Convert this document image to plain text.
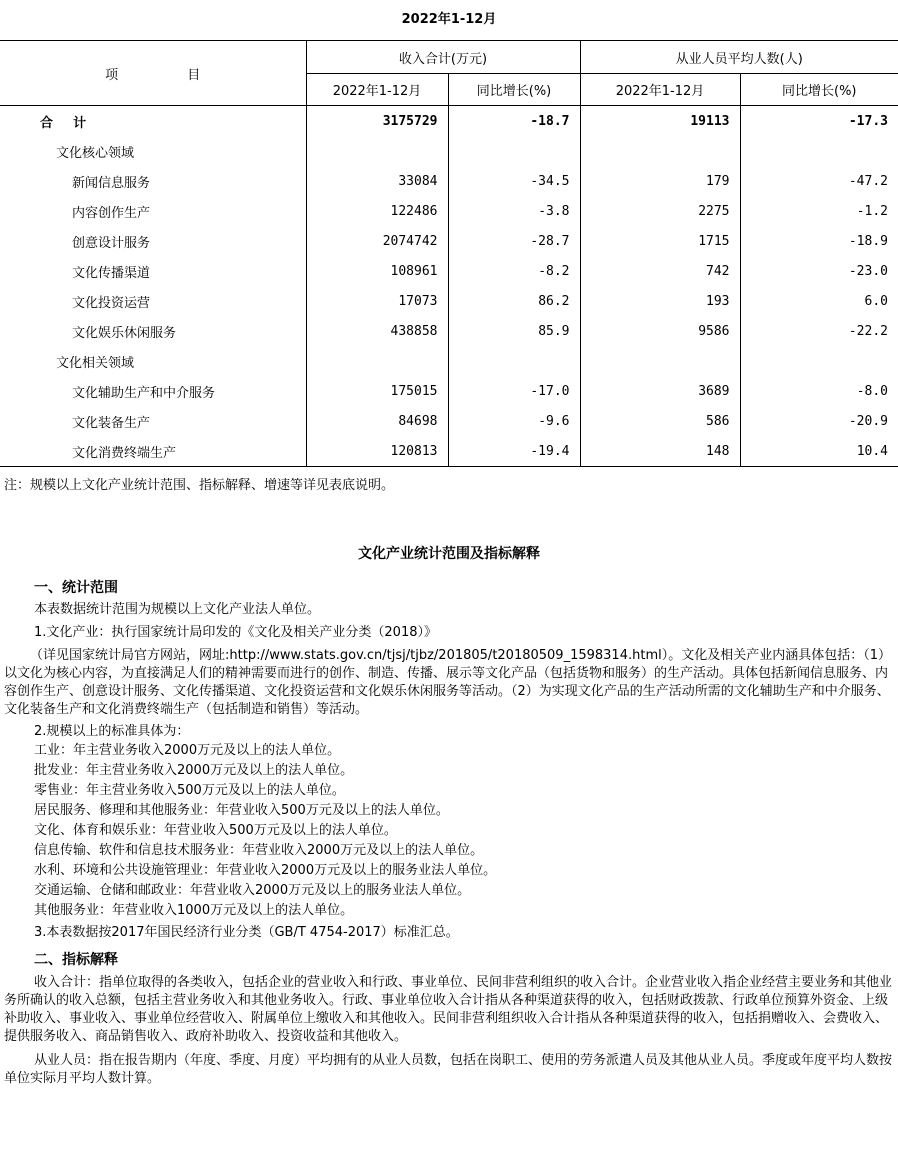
2022年1-12月
项 目	收入合计(万元)		从业人员平均人数(人)	
	2022年1-12月	同比增长(%)	2022年1-12月	同比增长(%)
合 计	3175729	-18.7	19113	-17.3
文化核心领域				
新闻信息服务	33084	-34.5	179	-47.2
内容创作生产	122486	-3.8	2275	-1.2
创意设计服务	2074742	-28.7	1715	-18.9
文化传播渠道	108961	-8.2	742	-23.0
文化投资运营	17073	86.2	193	6.0
文化娱乐休闲服务	438858	85.9	9586	-22.2
文化相关领域				
文化辅助生产和中介服务	175015	-17.0	3689	-8.0
文化装备生产	84698	-9.6	586	-20.9
文化消费终端生产	120813	-19.4	148	10.4
注：规模以上文化产业统计范围、指标解释、增速等详见表底说明。
文化产业统计范围及指标解释
一、统计范围
本表数据统计范围为规模以上文化产业法人单位。
1.文化产业：执行国家统计局印发的《文化及相关产业分类（2018）》
（详见国家统计局官方网站，网址:http://www.stats.gov.cn/tjsj/tjbz/201805/t20180509_1598314.html）。文化及相关产业内涵具体包括：（1）以文化为核心内容，为直接满足人们的精神需要而进行的创作、制造、传播、展示等文化产品（包括货物和服务）的生产活动。具体包括新闻信息服务、内容创作生产、创意设计服务、文化传播渠道、文化投资运营和文化娱乐休闲服务等活动。（2）为实现文化产品的生产活动所需的文化辅助生产和中介服务、文化装备生产和文化消费终端生产（包括制造和销售）等活动。
2.规模以上的标准具体为：
工业：年主营业务收入2000万元及以上的法人单位。
批发业：年主营业务收入2000万元及以上的法人单位。
零售业：年主营业务收入500万元及以上的法人单位。
居民服务、修理和其他服务业：年营业收入500万元及以上的法人单位。
文化、体育和娱乐业：年营业收入500万元及以上的法人单位。
信息传输、软件和信息技术服务业：年营业收入2000万元及以上的法人单位。
水利、环境和公共设施管理业：年营业收入2000万元及以上的服务业法人单位。
交通运输、仓储和邮政业：年营业收入2000万元及以上的服务业法人单位。
其他服务业：年营业收入1000万元及以上的法人单位。
3.本表数据按2017年国民经济行业分类（GB/T 4754-2017）标准汇总。
二、指标解释
收入合计：指单位取得的各类收入，包括企业的营业收入和行政、事业单位、民间非营利组织的收入合计。企业营业收入指企业经营主要业务和其他业务所确认的收入总额，包括主营业务收入和其他业务收入。行政、事业单位收入合计指从各种渠道获得的收入，包括财政拨款、行政单位预算外资金、上级补助收入、事业收入、事业单位经营收入、附属单位上缴收入和其他收入。民间非营利组织收入合计指从各种渠道获得的收入，包括捐赠收入、会费收入、提供服务收入、商品销售收入、政府补助收入、投资收益和其他收入。
从业人员：指在报告期内（年度、季度、月度）平均拥有的从业人员数，包括在岗职工、使用的劳务派遣人员及其他从业人员。季度或年度平均人数按单位实际月平均人数计算。
